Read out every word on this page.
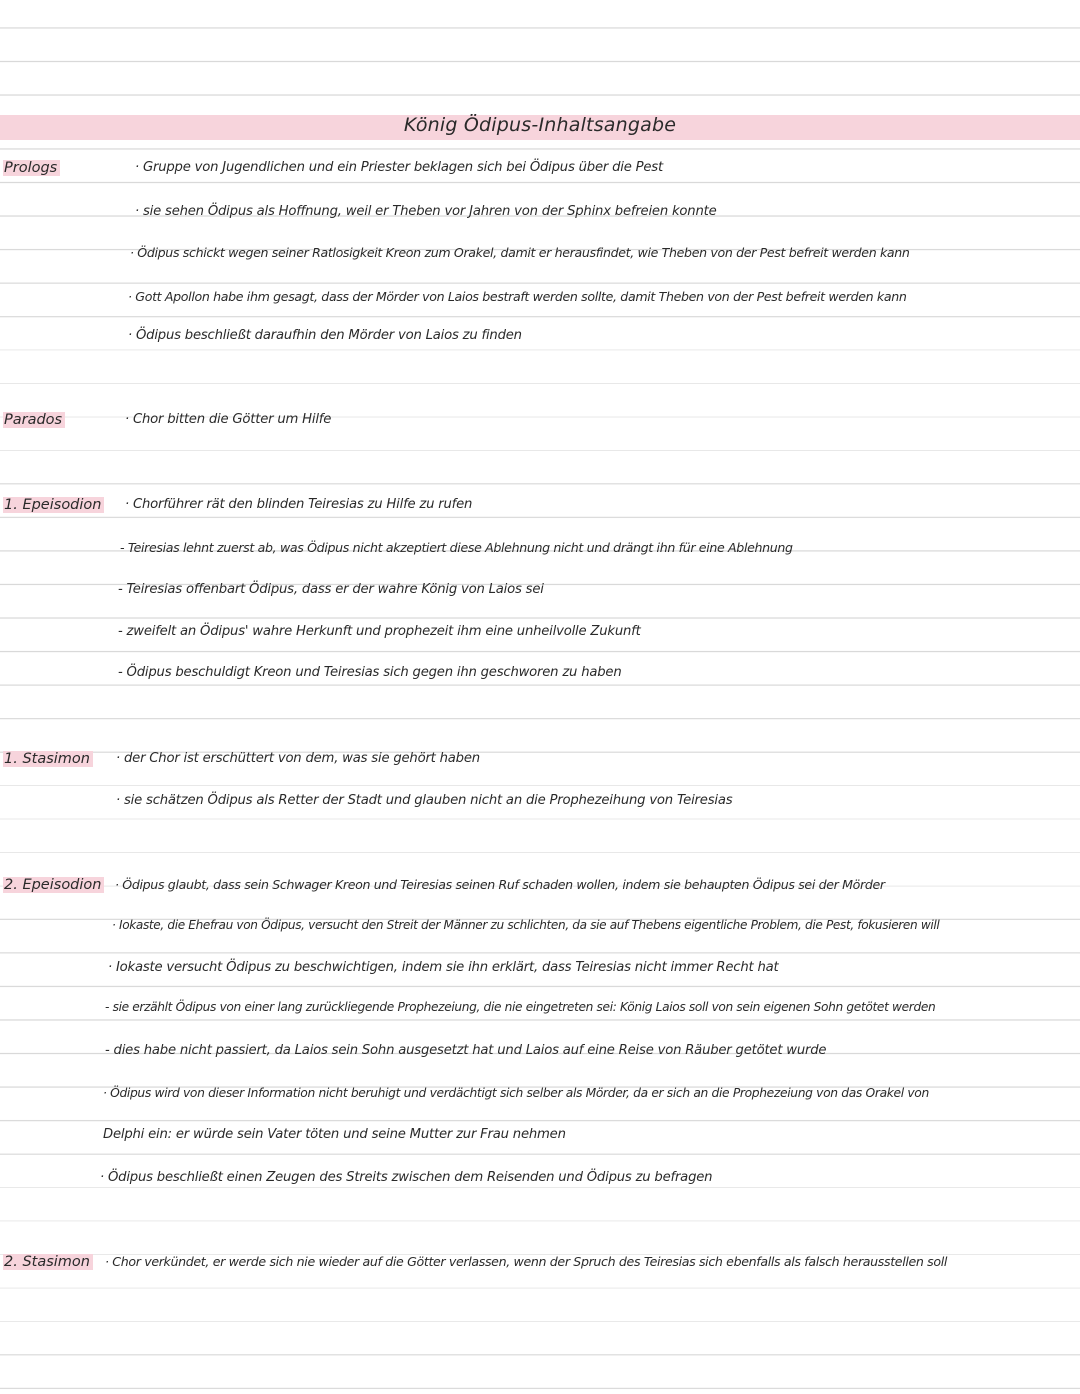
König Ödipus-Inhaltsangabe
Prologs	· Gruppe von Jugendlichen und ein Priester beklagen sich bei Ödipus über die Pest
· sie sehen Ödipus als Hoffnung, weil er Theben vor Jahren von der Sphinx befreien konnte
· Ödipus schickt wegen seiner Ratlosigkeit Kreon zum Orakel, damit er herausfindet, wie Theben von der Pest befreit werden kann
· Gott Apollon habe ihm gesagt, dass der Mörder von Laios bestraft werden sollte, damit Theben von der Pest befreit werden kann
· Ödipus beschließt daraufhin den Mörder von Laios zu finden
Parados	· Chor bitten die Götter um Hilfe
1. Epeisodion · Chorführer rät den blinden Teiresias zu Hilfe zu rufen
- Teiresias lehnt zuerst ab, was Ödipus nicht akzeptiert diese Ablehnung nicht und drängt ihn für eine Ablehnung
- Teiresias offenbart Ödipus, dass er der wahre König von Laios sei
- zweifelt an Ödipus' wahre Herkunft und prophezeit ihm eine unheilvolle Zukunft
- Ödipus beschuldigt Kreon und Teiresias sich gegen ihn geschworen zu haben
1. Stasimon · der Chor ist erschüttert von dem, was sie gehört haben
· sie schätzen Ödipus als Retter der Stadt und glauben nicht an die Prophezeihung von Teiresias
2. Epeisodion · Ödipus glaubt, dass sein Schwager Kreon und Teiresias seinen Ruf schaden wollen, indem sie behaupten Ödipus sei der Mörder
· Iokaste, die Ehefrau von Ödipus, versucht den Streit der Männer zu schlichten, da sie auf Thebens eigentliche Problem, die Pest, fokusieren will
· Iokaste versucht Ödipus zu beschwichtigen, indem sie ihn erklärt, dass Teiresias nicht immer Recht hat
- sie erzählt Ödipus von einer lang zurückliegende Prophezeiung, die nie eingetreten sei: König Laios soll von sein eigenen Sohn getötet werden
- dies habe nicht passiert, da Laios sein Sohn ausgesetzt hat und Laios auf eine Reise von Räuber getötet wurde
· Ödipus wird von dieser Information nicht beruhigt und verdächtigt sich selber als Mörder, da er sich an die Prophezeiung von das Orakel von
Delphi ein: er würde sein Vater töten und seine Mutter zur Frau nehmen
· Ödipus beschließt einen Zeugen des Streits zwischen dem Reisenden und Ödipus zu befragen
2. Stasimon · Chor verkündet, er werde sich nie wieder auf die Götter verlassen, wenn der Spruch des Teiresias sich ebenfalls als falsch herausstellen soll
